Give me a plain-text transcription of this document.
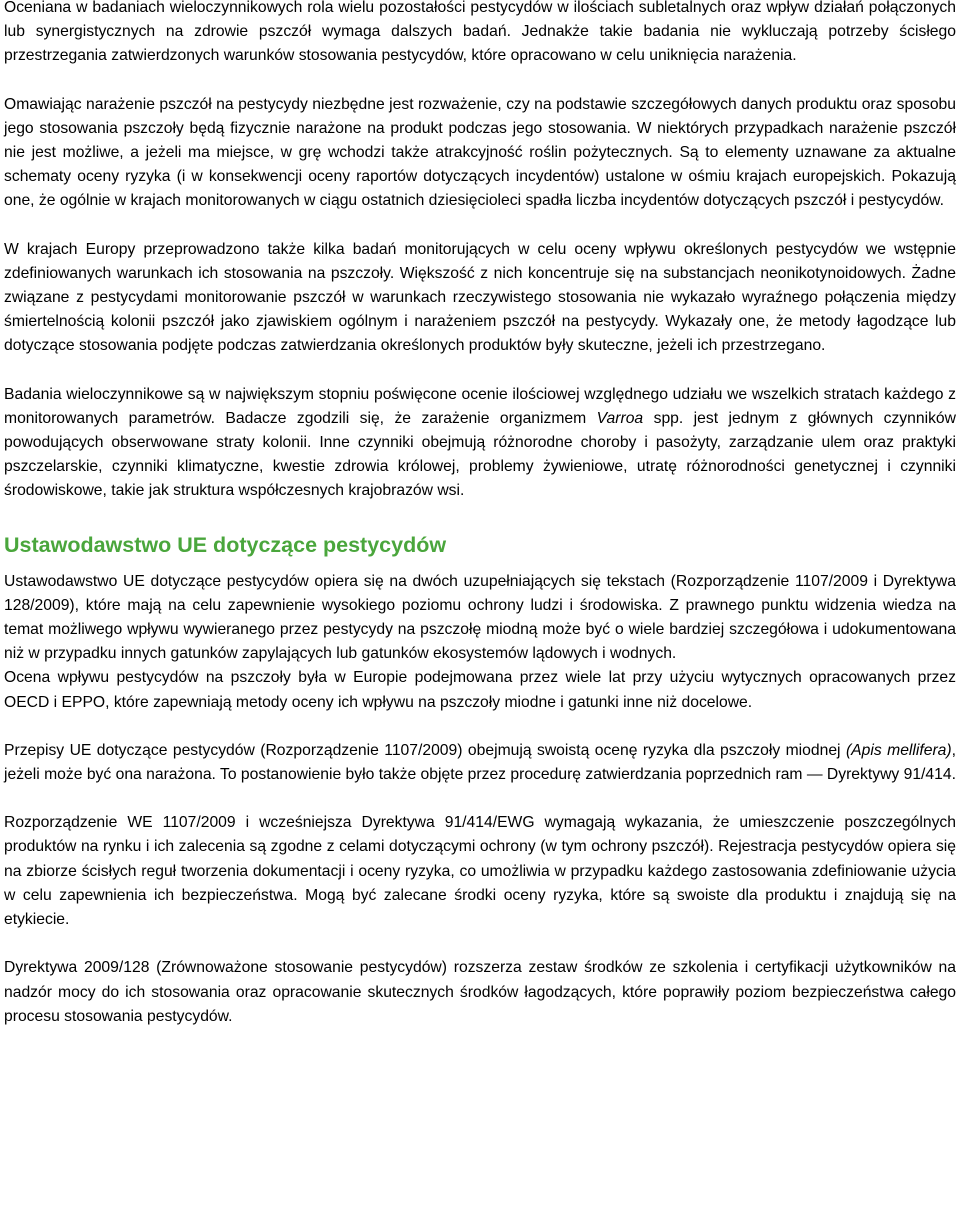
Oceniana w badaniach wieloczynnikowych rola wielu pozostałości pestycydów w ilościach subletalnych oraz wpływ działań połączonych lub synergistycznych na zdrowie pszczół wymaga dalszych badań. Jednakże takie badania nie wykluczają potrzeby ścisłego przestrzegania zatwierdzonych warunków stosowania pestycydów, które opracowano w celu uniknięcia narażenia.

Omawiając narażenie pszczół na pestycydy niezbędne jest rozważenie, czy na podstawie szczegółowych danych produktu oraz sposobu jego stosowania pszczoły będą fizycznie narażone na produkt podczas jego stosowania. W niektórych przypadkach narażenie pszczół nie jest możliwe, a jeżeli ma miejsce, w grę wchodzi także atrakcyjność roślin pożytecznych. Są to elementy uznawane za aktualne schematy oceny ryzyka (i w konsekwencji oceny raportów dotyczących incydentów) ustalone w ośmiu krajach europejskich. Pokazują one, że ogólnie w krajach monitorowanych w ciągu ostatnich dziesięcioleci spadła liczba incydentów dotyczących pszczół i pestycydów.

W krajach Europy przeprowadzono także kilka badań monitorujących w celu oceny wpływu określonych pestycydów we wstępnie zdefiniowanych warunkach ich stosowania na pszczoły. Większość z nich koncentruje się na substancjach neonikotynoidowych. Żadne związane z pestycydami monitorowanie pszczół w warunkach rzeczywistego stosowania nie wykazało wyraźnego połączenia między śmiertelnością kolonii pszczół jako zjawiskiem ogólnym i narażeniem pszczół na pestycydy. Wykazały one, że metody łagodzące lub dotyczące stosowania podjęte podczas zatwierdzania określonych produktów były skuteczne, jeżeli ich przestrzegano.

Badania wieloczynnikowe są w największym stopniu poświęcone ocenie ilościowej względnego udziału we wszelkich stratach każdego z monitorowanych parametrów. Badacze zgodzili się, że zarażenie organizmem Varroa spp. jest jednym z głównych czynników powodujących obserwowane straty kolonii. Inne czynniki obejmują różnorodne choroby i pasożyty, zarządzanie ulem oraz praktyki pszczelarskie, czynniki klimatyczne, kwestie zdrowia królowej, problemy żywieniowe, utratę różnorodności genetycznej i czynniki środowiskowe, takie jak struktura współczesnych krajobrazów wsi.

Ustawodawstwo UE dotyczące pestycydów

Ustawodawstwo UE dotyczące pestycydów opiera się na dwóch uzupełniających się tekstach (Rozporządzenie 1107/2009 i Dyrektywa 128/2009), które mają na celu zapewnienie wysokiego poziomu ochrony ludzi i środowiska. Z prawnego punktu widzenia wiedza na temat możliwego wpływu wywieranego przez pestycydy na pszczołę miodną może być o wiele bardziej szczegółowa i udokumentowana niż w przypadku innych gatunków zapylających lub gatunków ekosystemów lądowych i wodnych.

Ocena wpływu pestycydów na pszczoły była w Europie podejmowana przez wiele lat przy użyciu wytycznych opracowanych przez OECD i EPPO, które zapewniają metody oceny ich wpływu na pszczoły miodne i gatunki inne niż docelowe.

Przepisy UE dotyczące pestycydów (Rozporządzenie 1107/2009) obejmują swoistą ocenę ryzyka dla pszczoły miodnej (Apis mellifera), jeżeli może być ona narażona. To postanowienie było także objęte przez procedurę zatwierdzania poprzednich ram — Dyrektywy 91/414.

Rozporządzenie WE 1107/2009 i wcześniejsza Dyrektywa 91/414/EWG wymagają wykazania, że umieszczenie poszczególnych produktów na rynku i ich zalecenia są zgodne z celami dotyczącymi ochrony (w tym ochrony pszczół). Rejestracja pestycydów opiera się na zbiorze ścisłych reguł tworzenia dokumentacji i oceny ryzyka, co umożliwia w przypadku każdego zastosowania zdefiniowanie użycia w celu zapewnienia ich bezpieczeństwa. Mogą być zalecane środki oceny ryzyka, które są swoiste dla produktu i znajdują się na etykiecie.

Dyrektywa 2009/128 (Zrównoważone stosowanie pestycydów) rozszerza zestaw środków ze szkolenia i certyfikacji użytkowników na nadzór mocy do ich stosowania oraz opracowanie skutecznych środków łagodzących, które poprawiły poziom bezpieczeństwa całego procesu stosowania pestycydów.
